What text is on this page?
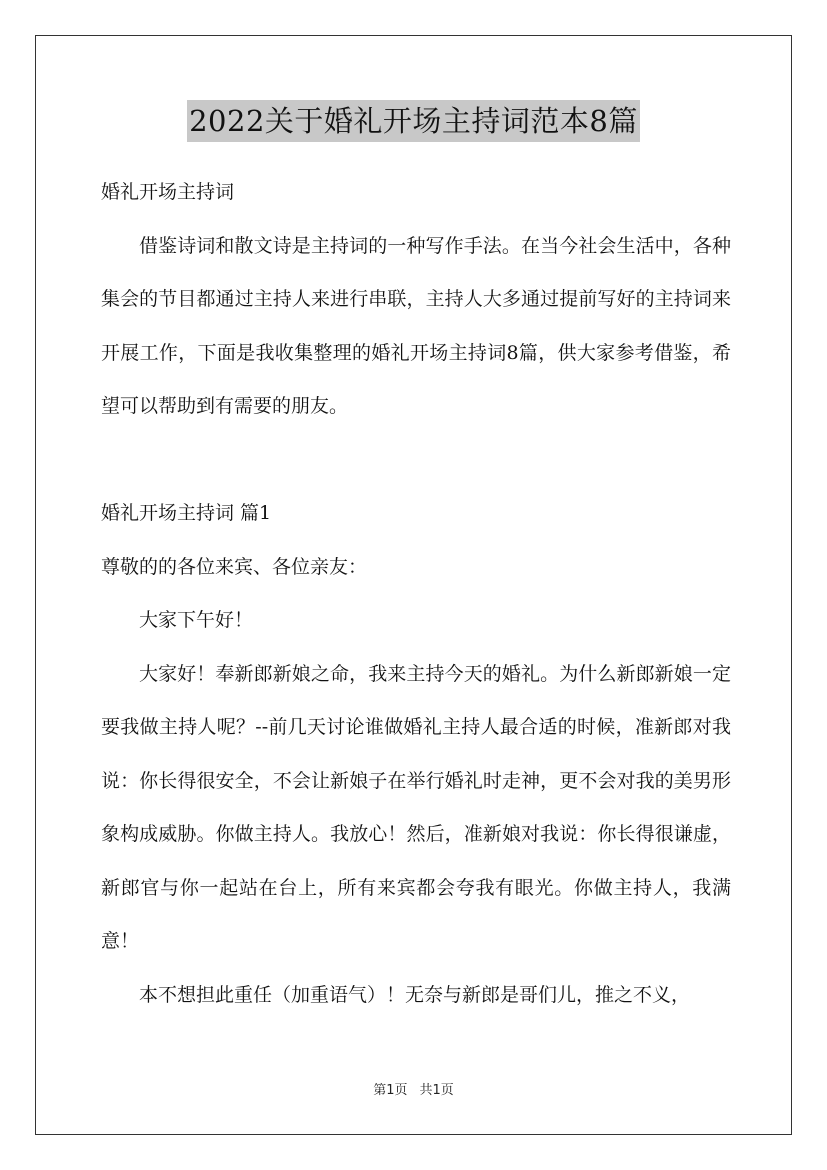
2022关于婚礼开场主持词范本8篇

婚礼开场主持词

借鉴诗词和散文诗是主持词的一种写作手法。在当今社会生活中，各种集会的节目都通过主持人来进行串联，主持人大多通过提前写好的主持词来开展工作，下面是我收集整理的婚礼开场主持词8篇，供大家参考借鉴，希望可以帮助到有需要的朋友。

婚礼开场主持词 篇1

尊敬的的各位来宾、各位亲友：

大家下午好！

大家好！奉新郎新娘之命，我来主持今天的婚礼。为什么新郎新娘一定要我做主持人呢？--前几天讨论谁做婚礼主持人最合适的时候，准新郎对我说：你长得很安全，不会让新娘子在举行婚礼时走神，更不会对我的美男形象构成威胁。你做主持人。我放心！然后，准新娘对我说：你长得很谦虚，新郎官与你一起站在台上，所有来宾都会夸我有眼光。你做主持人，我满意！

本不想担此重任（加重语气）！无奈与新郎是哥们儿，推之不义，

第1页 共1页
